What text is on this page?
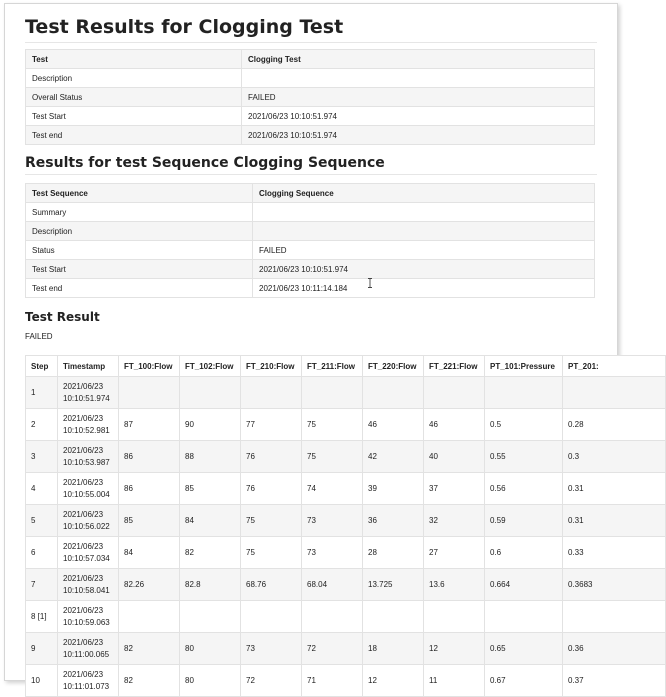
Test Results for Clogging Test
Test	Clogging Test
Description	
Overall Status	FAILED
Test Start	2021/06/23 10:10:51.974
Test end	2021/06/23 10:10:51.974
Results for test Sequence Clogging Sequence
Test Sequence	Clogging Sequence
Summary	
Description	
Status	FAILED
Test Start	2021/06/23 10:10:51.974
Test end	2021/06/23 10:11:14.184
Test Result
FAILED
Step	Timestamp	FT_100:Flow	FT_102:Flow	FT_210:Flow	FT_211:Flow	FT_220:Flow	FT_221:Flow	PT_101:Pressure	PT_201:
1	2021/06/23
10:10:51.974								

2	2021/06/23
10:10:52.981	87	90	77	75	46	46	0.5	0.28
3	2021/06/23
10:10:53.987	86	88	76	75	42	40	0.55	0.3
4	2021/06/23
10:10:55.004	86	85	76	74	39	37	0.56	0.31
5	2021/06/23
10:10:56.022	85	84	75	73	36	32	0.59	0.31
6	2021/06/23
10:10:57.034	84	82	75	73	28	27	0.6	0.33
7	2021/06/23
10:10:58.041	82.26	82.8	68.76	68.04	13.725	13.6	0.664	0.3683
8 [1]	2021/06/23
10:10:59.063								

9	2021/06/23
10:11:00.065	82	80	73	72	18	12	0.65	0.36
10	2021/06/23
10:11:01.073	82	80	72	71	12	11	0.67	0.37
